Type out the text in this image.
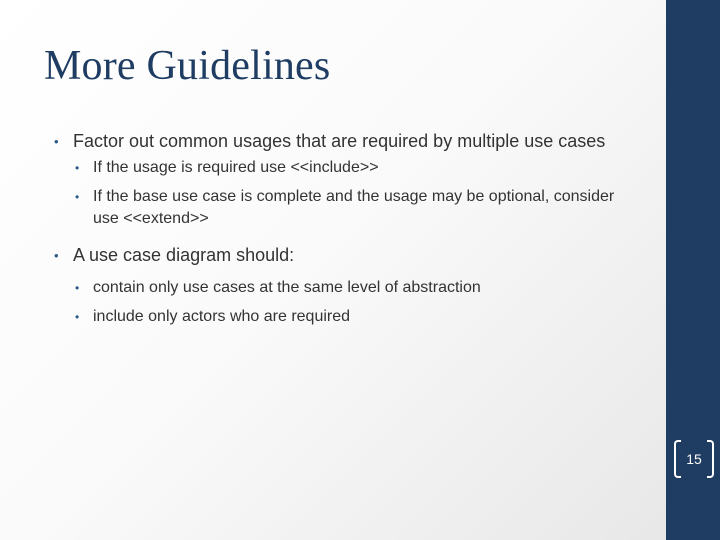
More Guidelines

• Factor out common usages that are required by multiple use cases

• If the usage is required use <<include>>

• If the base use case is complete and the usage may be optional, consider use <<extend>>

• A use case diagram should:

• contain only use cases at the same level of abstraction

• include only actors who are required

15
